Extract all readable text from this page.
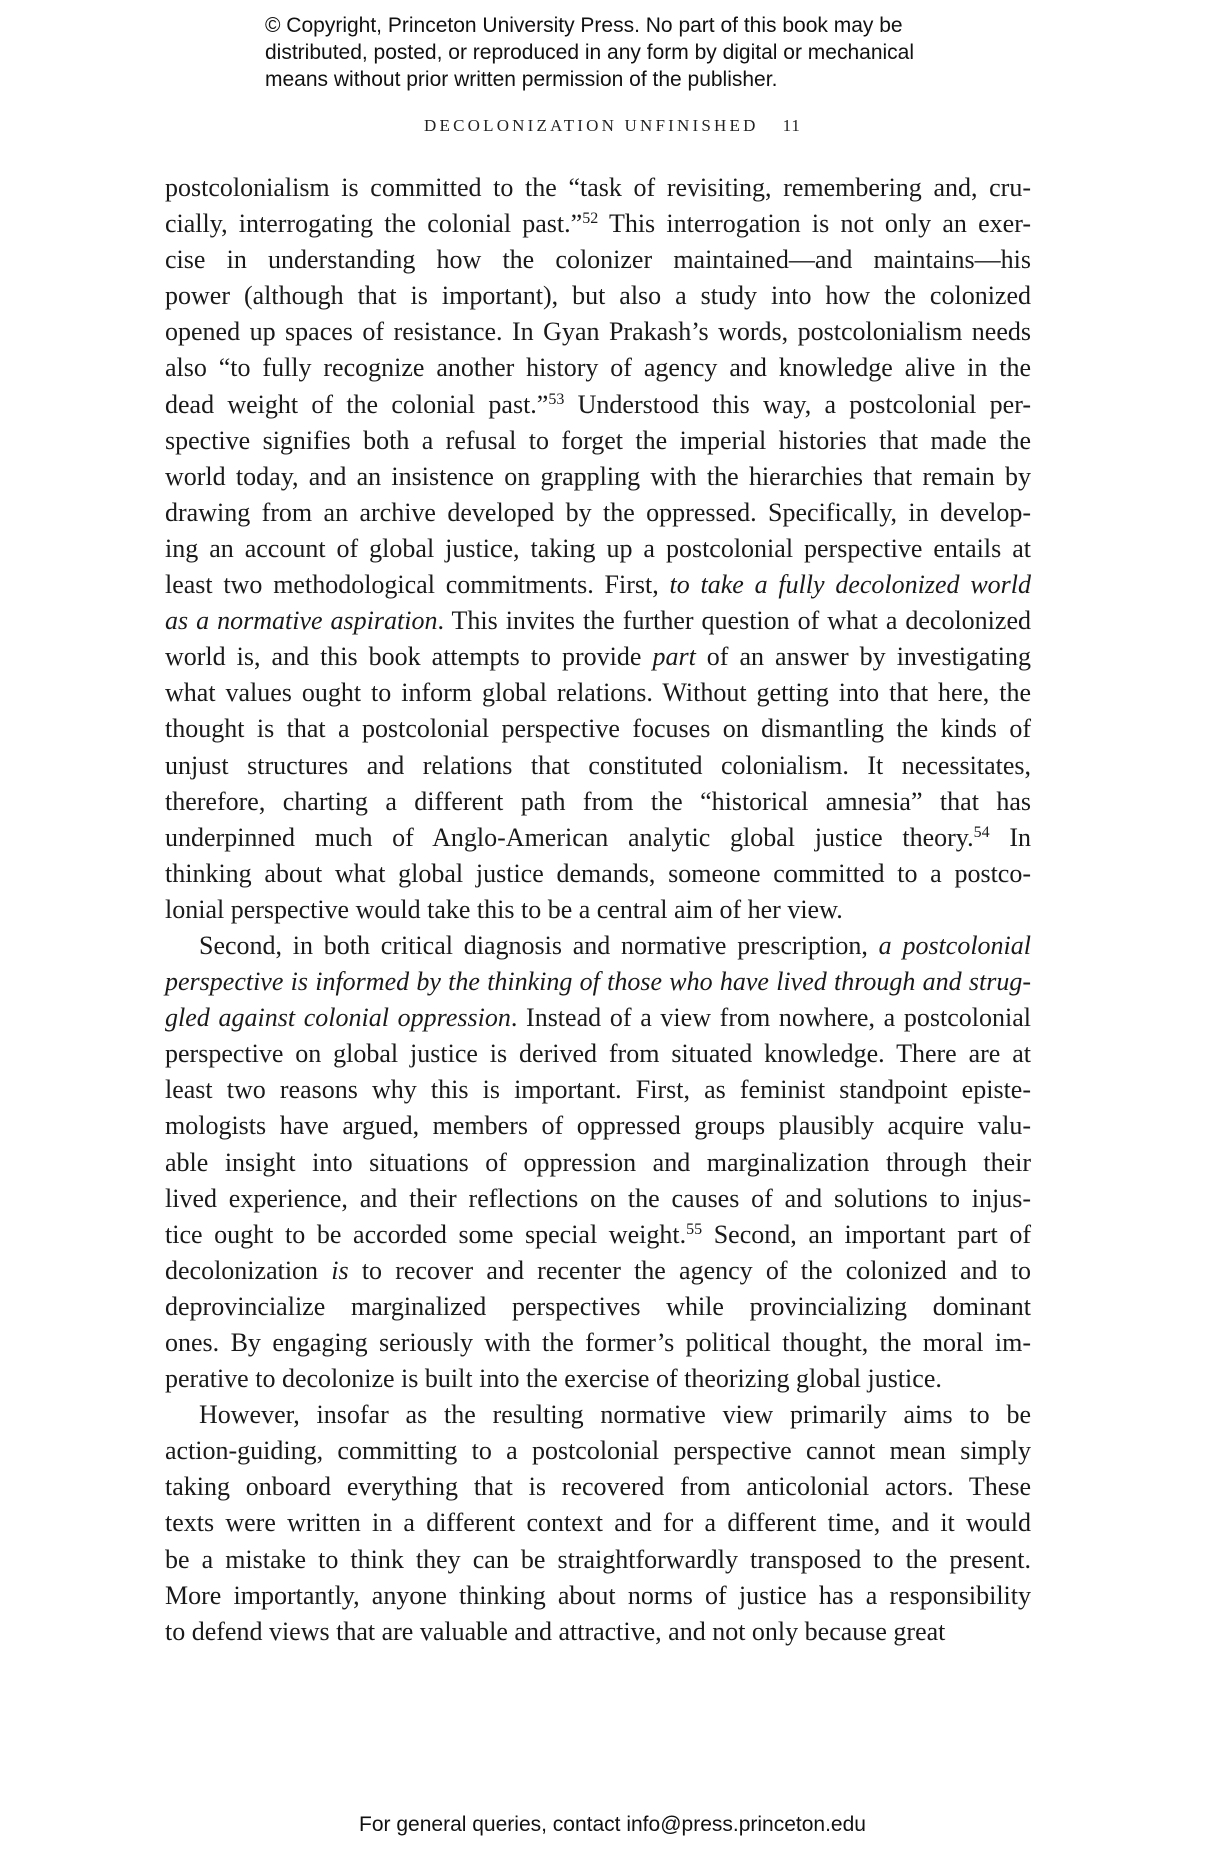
© Copyright, Princeton University Press. No part of this book may be
distributed, posted, or reproduced in any form by digital or mechanical
means without prior written permission of the publisher.
DECOLONIZATION UNFINISHED 11

postcolonialism is committed to the “task of revisiting, remembering and, cru-
cially, interrogating the colonial past.”$^{52}$ This interrogation is not only an exer-
cise in understanding how the colonizer maintained—and maintains—his
power (although that is important), but also a study into how the colonized
opened up spaces of resistance. In Gyan Prakash’s words, postcolonialism needs
also “to fully recognize another history of agency and knowledge alive in the
dead weight of the colonial past.”$^{53}$ Understood this way, a postcolonial per-
spective signifies both a refusal to forget the imperial histories that made the
world today, and an insistence on grappling with the hierarchies that remain by
drawing from an archive developed by the oppressed. Specifically, in develop-
ing an account of global justice, taking up a postcolonial perspective entails at
least two methodological commitments. First, to take a fully decolonized world
as a normative aspiration. This invites the further question of what a decolonized
world is, and this book attempts to provide part of an answer by investigating
what values ought to inform global relations. Without getting into that here, the
thought is that a postcolonial perspective focuses on dismantling the kinds of
unjust structures and relations that constituted colonialism. It necessitates,
therefore, charting a different path from the “historical amnesia” that has
underpinned much of Anglo-American analytic global justice theory.$^{54}$ In
thinking about what global justice demands, someone committed to a postco-
lonial perspective would take this to be a central aim of her view.

Second, in both critical diagnosis and normative prescription, a postcolonial
perspective is informed by the thinking of those who have lived through and strug-
gled against colonial oppression. Instead of a view from nowhere, a postcolonial
perspective on global justice is derived from situated knowledge. There are at
least two reasons why this is important. First, as feminist standpoint episte-
mologists have argued, members of oppressed groups plausibly acquire valu-
able insight into situations of oppression and marginalization through their
lived experience, and their reflections on the causes of and solutions to injus-
tice ought to be accorded some special weight.$^{55}$ Second, an important part of
decolonization is to recover and recenter the agency of the colonized and to
deprovincialize marginalized perspectives while provincializing dominant
ones. By engaging seriously with the former’s political thought, the moral im-
perative to decolonize is built into the exercise of theorizing global justice.

However, insofar as the resulting normative view primarily aims to be
action-guiding, committing to a postcolonial perspective cannot mean simply
taking onboard everything that is recovered from anticolonial actors. These
texts were written in a different context and for a different time, and it would
be a mistake to think they can be straightforwardly transposed to the present.
More importantly, anyone thinking about norms of justice has a responsibility
to defend views that are valuable and attractive, and not only because great

For general queries, contact info@press.princeton.edu
